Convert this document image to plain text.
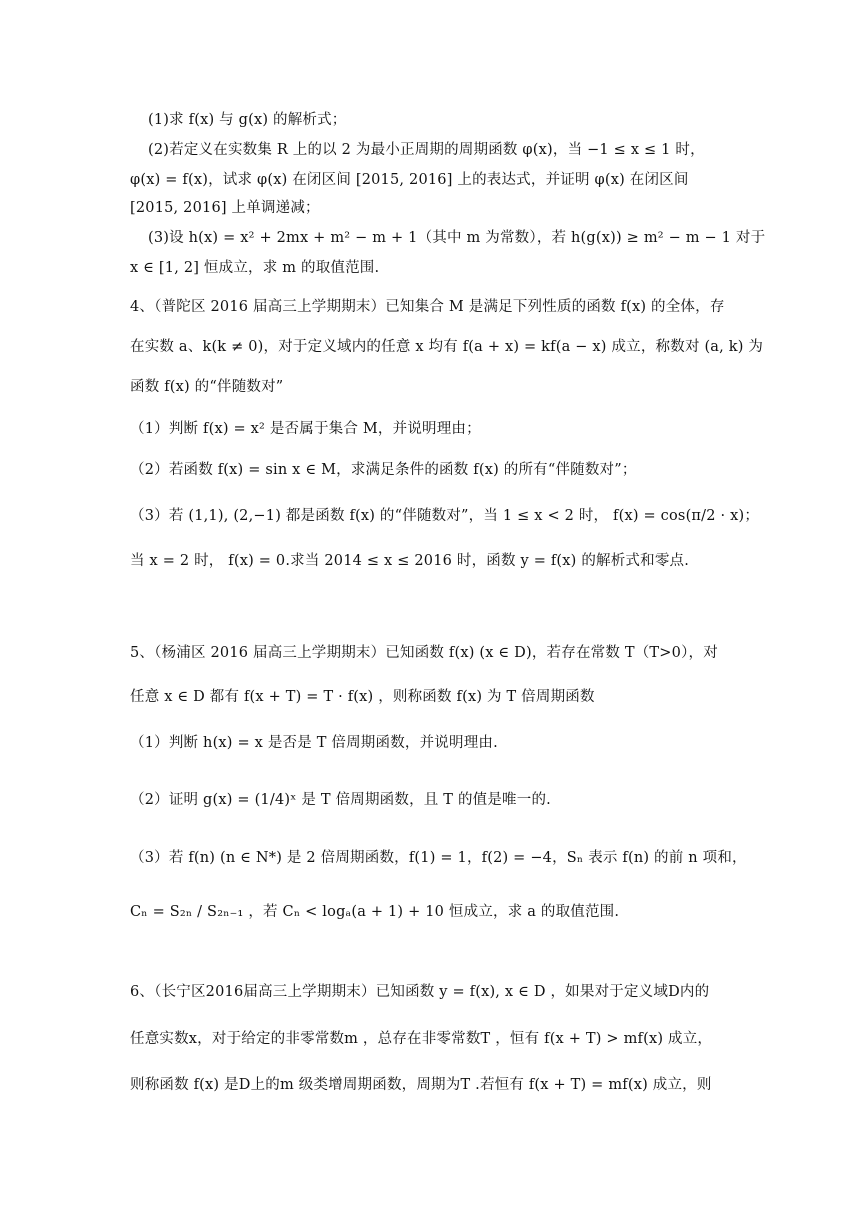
(1)求 f(x) 与 g(x) 的解析式；
(2)若定义在实数集 R 上的以 2 为最小正周期的周期函数 φ(x)，当 −1 ≤ x ≤ 1 时，
φ(x) = f(x)，试求 φ(x) 在闭区间 [2015, 2016] 上的表达式，并证明 φ(x) 在闭区间
[2015, 2016] 上单调递减；
(3)设 h(x) = x² + 2mx + m² − m + 1（其中 m 为常数），若 h(g(x)) ≥ m² − m − 1 对于
x ∈ [1, 2] 恒成立，求 m 的取值范围.
4、（普陀区 2016 届高三上学期期末）已知集合 M 是满足下列性质的函数 f(x) 的全体，存
在实数 a、k(k ≠ 0)，对于定义域内的任意 x 均有 f(a + x) = kf(a − x) 成立，称数对 (a, k) 为
函数 f(x) 的“伴随数对”
（1）判断 f(x) = x² 是否属于集合 M，并说明理由；
（2）若函数 f(x) = sin x ∈ M，求满足条件的函数 f(x) 的所有“伴随数对”；
（3）若 (1,1), (2,−1) 都是函数 f(x) 的“伴随数对”，当 1 ≤ x < 2 时， f(x) = cos(π/2 · x)；
当 x = 2 时， f(x) = 0.求当 2014 ≤ x ≤ 2016 时，函数 y = f(x) 的解析式和零点.
5、（杨浦区 2016 届高三上学期期末）已知函数 f(x) (x ∈ D)，若存在常数 T（T>0），对
任意 x ∈ D 都有 f(x + T) = T · f(x) ，则称函数 f(x) 为 T 倍周期函数
（1）判断 h(x) = x 是否是 T 倍周期函数，并说明理由.
（2）证明 g(x) = (1/4)ˣ 是 T 倍周期函数，且 T 的值是唯一的.
（3）若 f(n) (n ∈ N*) 是 2 倍周期函数，f(1) = 1，f(2) = −4，Sₙ 表示 f(n) 的前 n 项和，
Cₙ = S₂ₙ / S₂ₙ₋₁ ，若 Cₙ < logₐ(a + 1) + 10 恒成立，求 a 的取值范围.
6、（长宁区2016届高三上学期期末）已知函数 y = f(x), x ∈ D ，如果对于定义域D内的
任意实数x，对于给定的非零常数m ，总存在非零常数T ，恒有 f(x + T) > mf(x) 成立，
则称函数 f(x) 是D上的m 级类增周期函数，周期为T .若恒有 f(x + T) = mf(x) 成立，则
